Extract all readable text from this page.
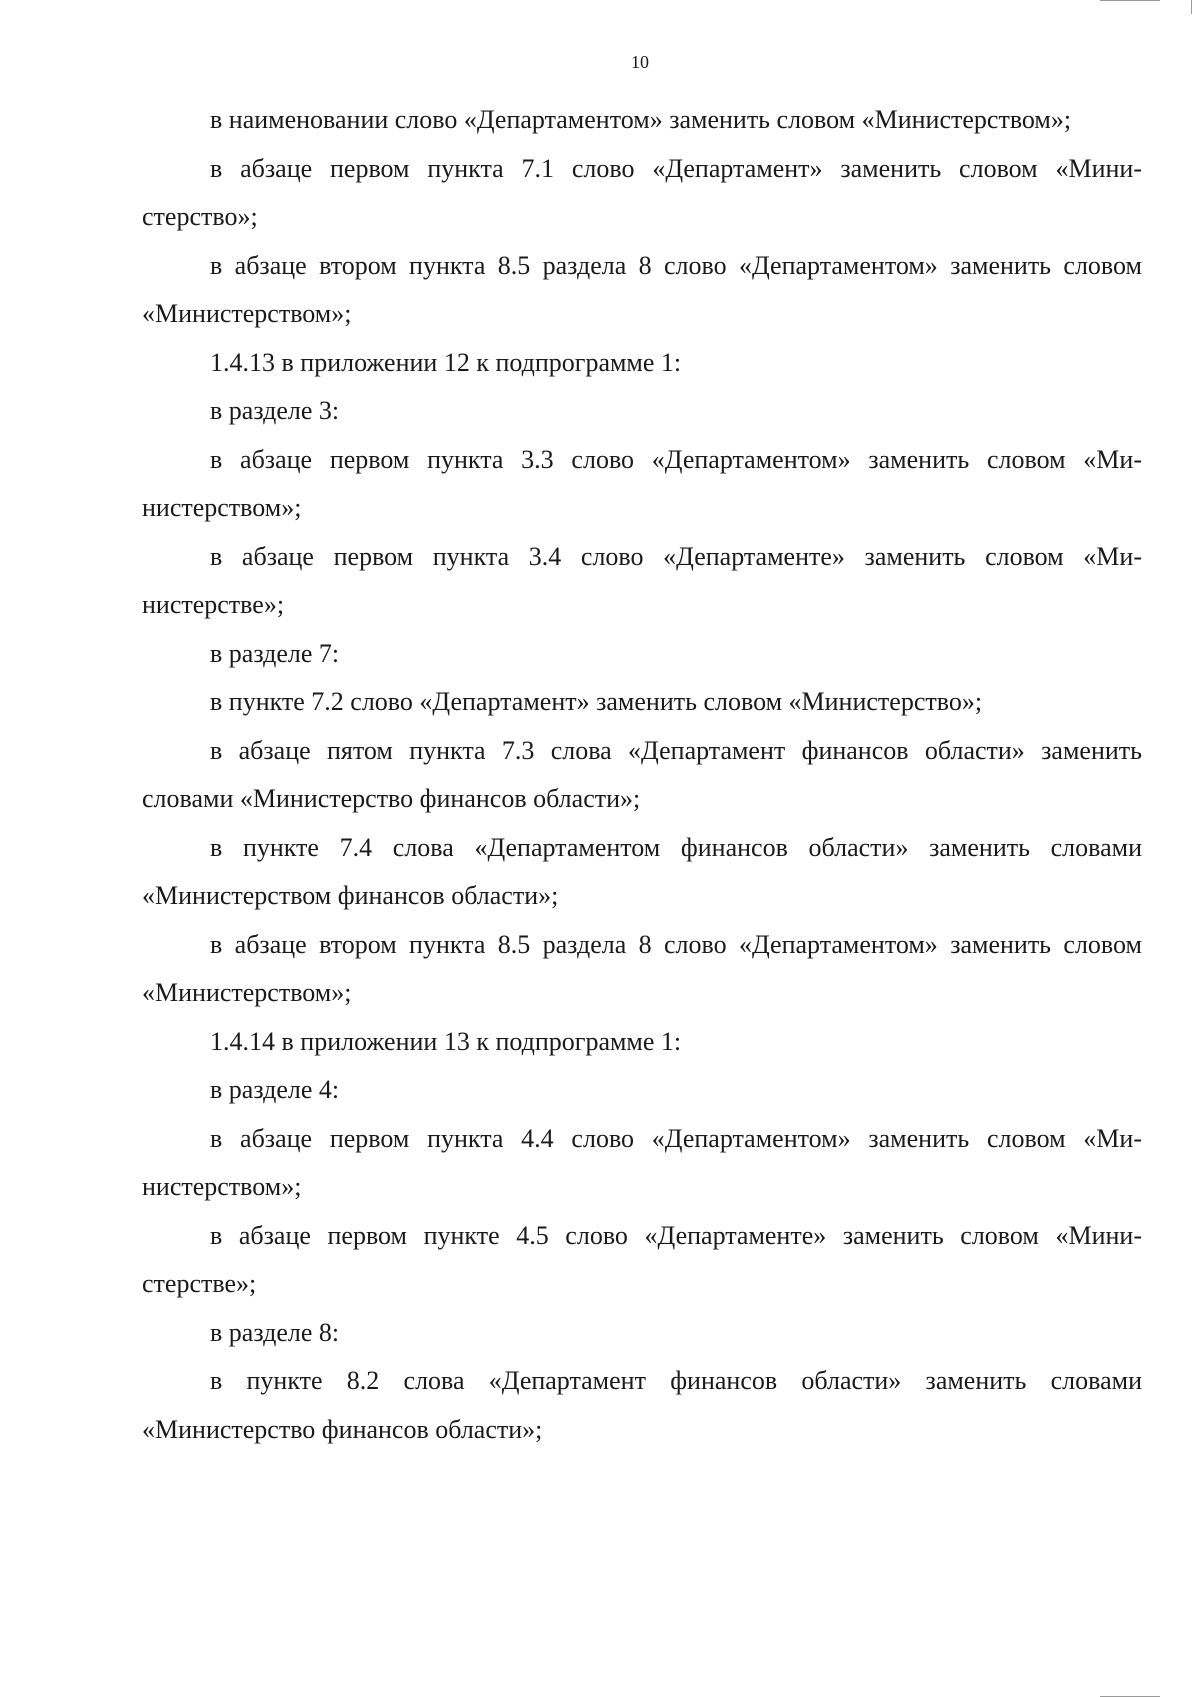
10

в наименовании слово «Департаментом» заменить словом «Министерством»;

в абзаце первом пункта 7.1 слово «Департамент» заменить словом «Министерство»;

в абзаце втором пункта 8.5 раздела 8 слово «Департаментом» заменить словом «Министерством»;

1.4.13 в приложении 12 к подпрограмме 1:

в разделе 3:

в абзаце первом пункта 3.3 слово «Департаментом» заменить словом «Министерством»;

в абзаце первом пункта 3.4 слово «Департаменте» заменить словом «Министерстве»;

в разделе 7:

в пункте 7.2 слово «Департамент» заменить словом «Министерство»;

в абзаце пятом пункта 7.3 слова «Департамент финансов области» заменить словами «Министерство финансов области»;

в пункте 7.4 слова «Департаментом финансов области» заменить словами «Министерством финансов области»;

в абзаце втором пункта 8.5 раздела 8 слово «Департаментом» заменить словом «Министерством»;

1.4.14 в приложении 13 к подпрограмме 1:

в разделе 4:

в абзаце первом пункта 4.4 слово «Департаментом» заменить словом «Министерством»;

в абзаце первом пункте 4.5 слово «Департаменте» заменить словом «Министерстве»;

в разделе 8:

в пункте 8.2 слова «Департамент финансов области» заменить словами «Министерство финансов области»;
